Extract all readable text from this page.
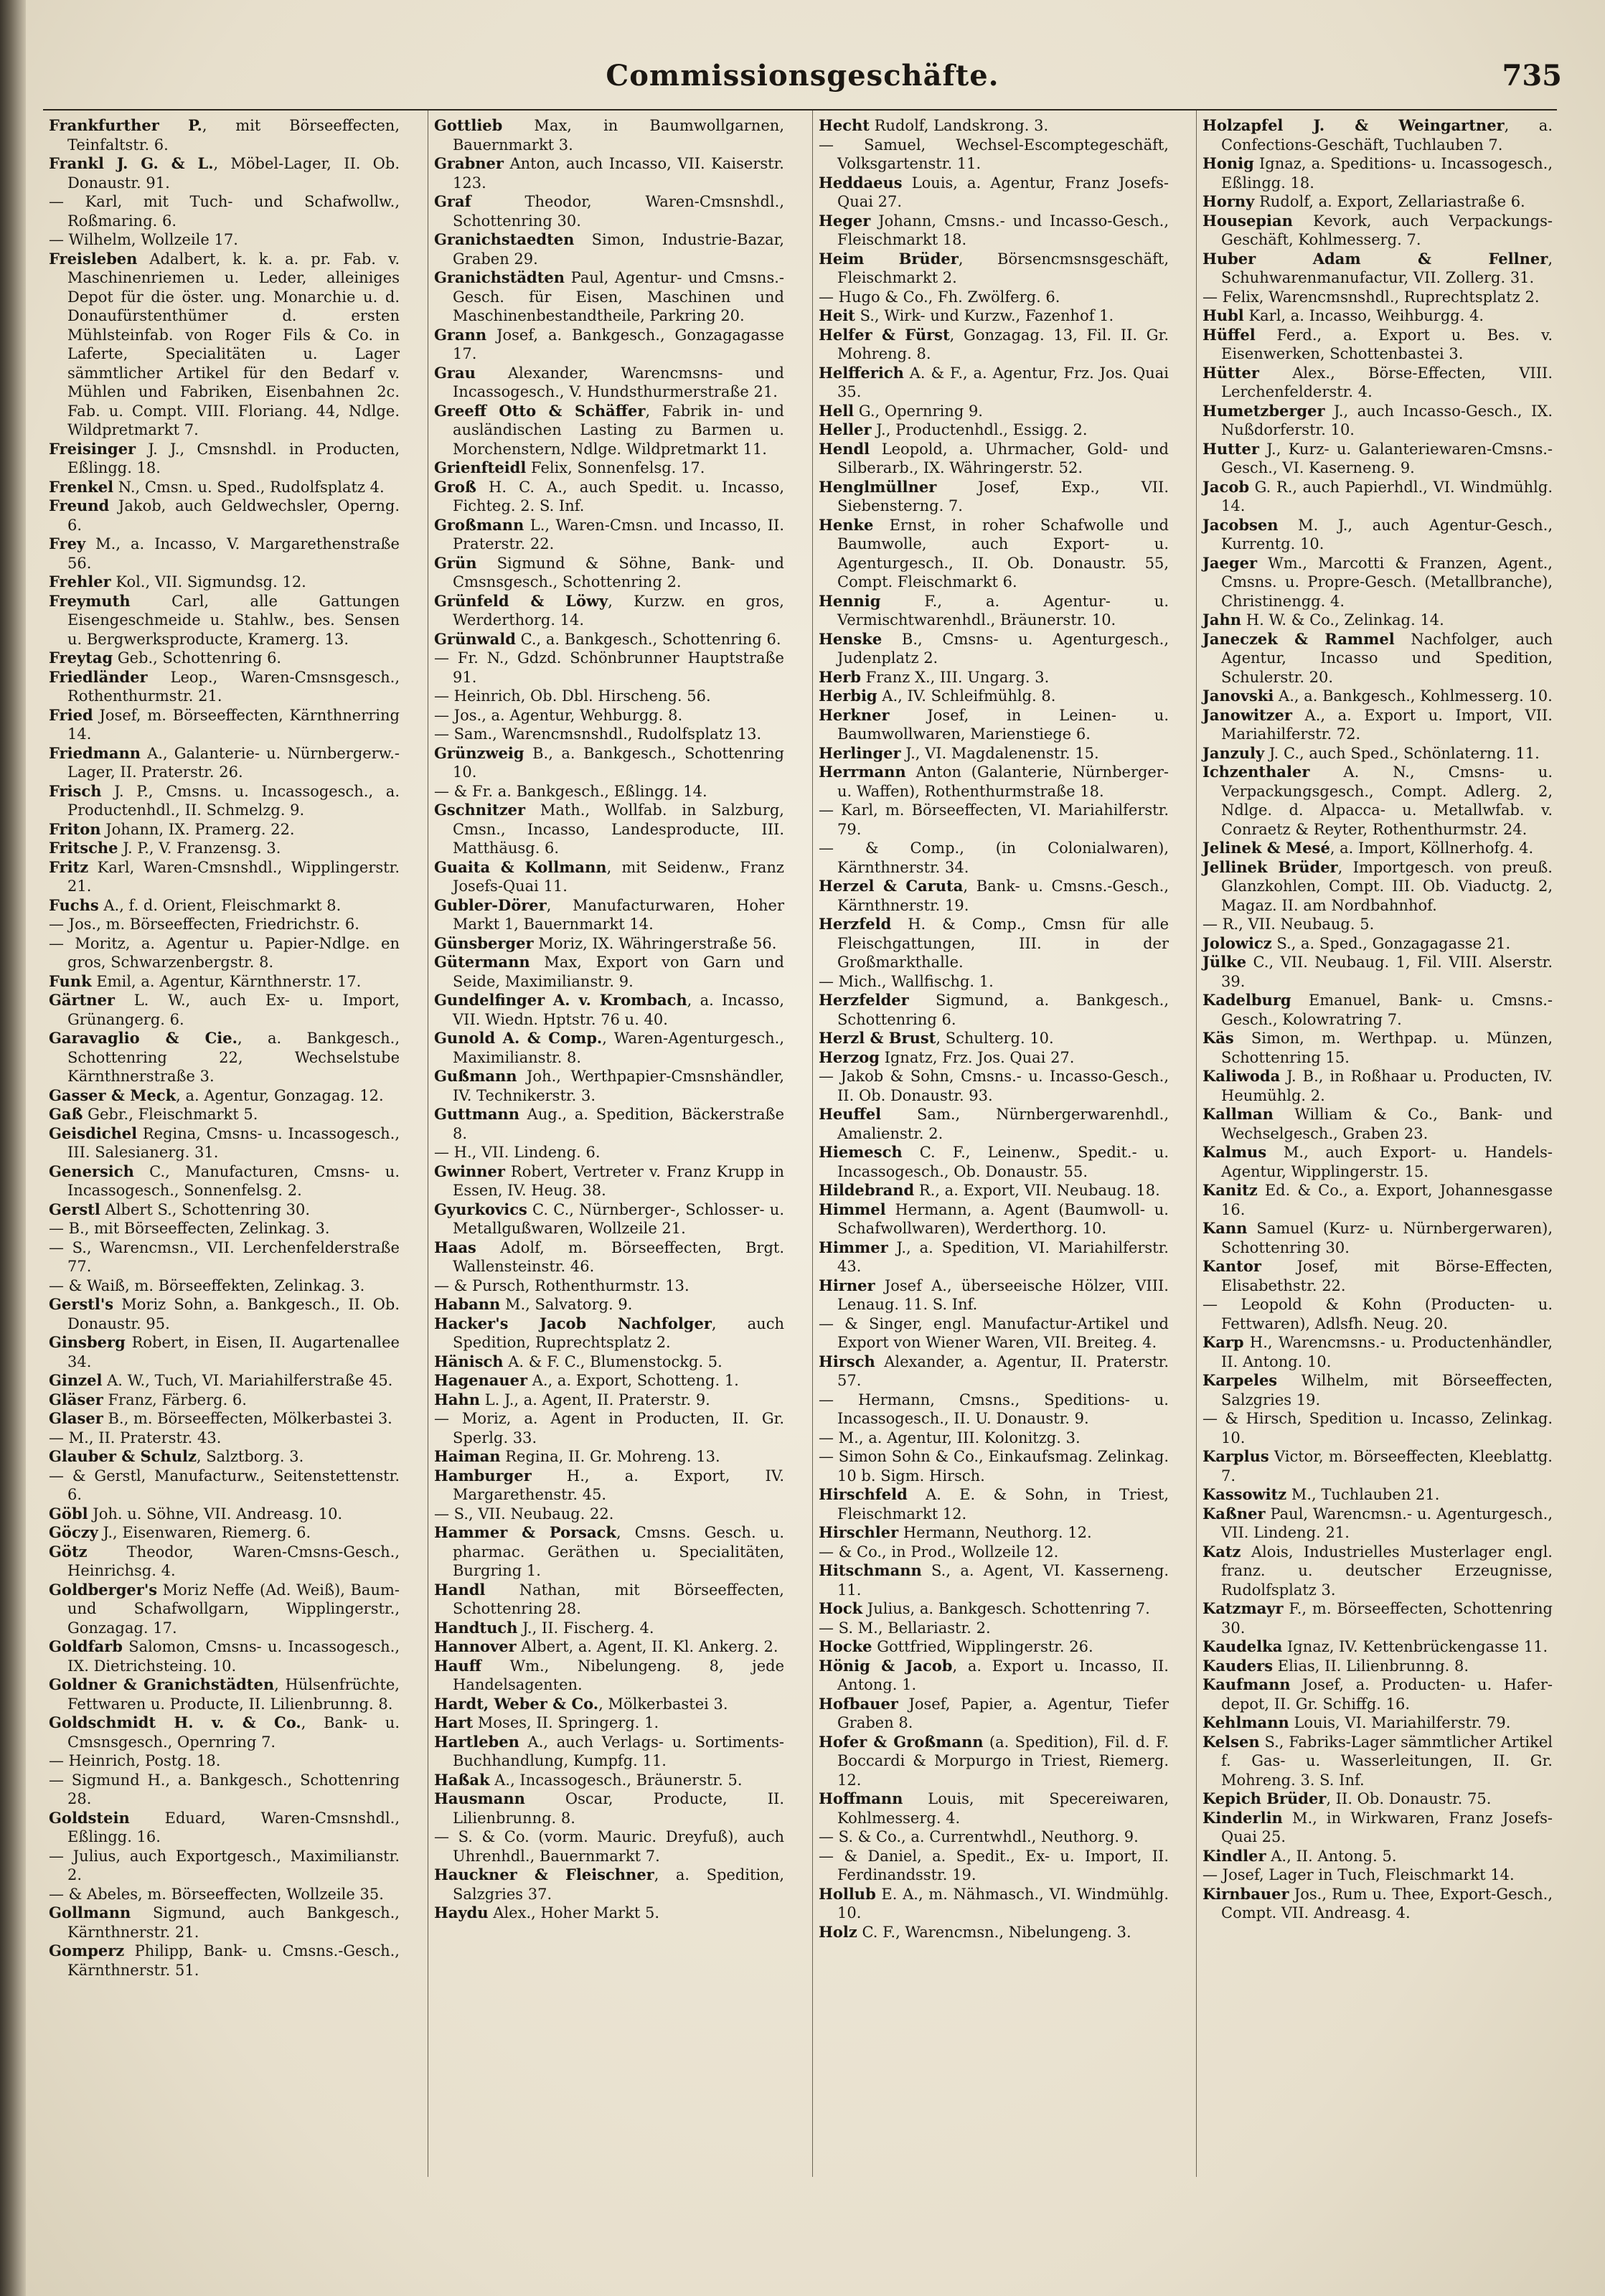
Commissionsgeschäfte.	735
Frankfurther P., mit Börseeffecten, Teinfaltstr. 6.
Frankl J. G. & L., Möbel-Lager, II. Ob. Donaustr. 91.
— Karl, mit Tuch- und Schafwollw., Roßmaring. 6.
— Wilhelm, Wollzeile 17.
Freisleben Adalbert, k. k. a. pr. Fab. v. Maschinenriemen u. Leder, alleiniges Depot für die öster. ung. Monarchie u. d. Donaufürstenthümer d. ersten Mühlsteinfab. von Roger Fils & Co. in Laferte, Specialitäten u. Lager sämmtlicher Artikel für den Bedarf v. Mühlen und Fabriken, Eisenbahnen 2c. Fab. u. Compt. VIII. Floriang. 44, Ndlge. Wildpretmarkt 7.
Freisinger J. J., Cmsnshdl. in Producten, Eßlingg. 18.
Frenkel N., Cmsn. u. Sped., Rudolfsplatz 4.
Freund Jakob, auch Geldwechsler, Operng. 6.
Frey M., a. Incasso, V. Margarethenstraße 56.
Frehler Kol., VII. Sigmundsg. 12.
Freymuth Carl, alle Gattungen Eisengeschmeide u. Stahlw., bes. Sensen u. Bergwerksproducte, Kramerg. 13.
Freytag Geb., Schottenring 6.
Friedländer Leop., Waren-Cmsnsgesch., Rothenthurmstr. 21.
Fried Josef, m. Börseeffecten, Kärnthnerring 14.
Friedmann A., Galanterie- u. Nürnbergerw.-Lager, II. Praterstr. 26.
Frisch J. P., Cmsns. u. Incassogesch., a. Productenhdl., II. Schmelzg. 9.
Friton Johann, IX. Pramerg. 22.
Fritsche J. P., V. Franzensg. 3.
Fritz Karl, Waren-Cmsnshdl., Wipplingerstr. 21.
Fuchs A., f. d. Orient, Fleischmarkt 8.
— Jos., m. Börseeffecten, Friedrichstr. 6.
— Moritz, a. Agentur u. Papier-Ndlge. en gros, Schwarzenbergstr. 8.
Funk Emil, a. Agentur, Kärnthnerstr. 17.
Gärtner L. W., auch Ex- u. Import, Grünangerg. 6.
Garavaglio & Cie., a. Bankgesch., Schottenring 22, Wechselstube Kärnthnerstraße 3.
Gasser & Meck, a. Agentur, Gonzagag. 12.
Gaß Gebr., Fleischmarkt 5.
Geisdichel Regina, Cmsns- u. Incassogesch., III. Salesianerg. 31.
Genersich C., Manufacturen, Cmsns- u. Incassogesch., Sonnenfelsg. 2.
Gerstl Albert S., Schottenring 30.
— B., mit Börseeffecten, Zelinkag. 3.
— S., Warencmsn., VII. Lerchenfelderstraße 77.
— & Waiß, m. Börseeffekten, Zelinkag. 3.
Gerstl's Moriz Sohn, a. Bankgesch., II. Ob. Donaustr. 95.
Ginsberg Robert, in Eisen, II. Augartenallee 34.
Ginzel A. W., Tuch, VI. Mariahilferstraße 45.
Gläser Franz, Färberg. 6.
Glaser B., m. Börseeffecten, Mölkerbastei 3.
— M., II. Praterstr. 43.
Glauber & Schulz, Salztborg. 3.
— & Gerstl, Manufacturw., Seitenstettenstr. 6.
Göbl Joh. u. Söhne, VII. Andreasg. 10.
Göczy J., Eisenwaren, Riemerg. 6.
Götz Theodor, Waren-Cmsns-Gesch., Heinrichsg. 4.
Goldberger's Moriz Neffe (Ad. Weiß), Baum- und Schafwollgarn, Wipplingerstr., Gonzagag. 17.
Goldfarb Salomon, Cmsns- u. Incassogesch., IX. Dietrichsteing. 10.
Goldner & Granichstädten, Hülsenfrüchte, Fettwaren u. Producte, II. Lilienbrunng. 8.
Goldschmidt H. v. & Co., Bank- u. Cmsnsgesch., Opernring 7.
— Heinrich, Postg. 18.
— Sigmund H., a. Bankgesch., Schottenring 28.
Goldstein Eduard, Waren-Cmsnshdl., Eßlingg. 16.
— Julius, auch Exportgesch., Maximilianstr. 2.
— & Abeles, m. Börseeffecten, Wollzeile 35.
Gollmann Sigmund, auch Bankgesch., Kärnthnerstr. 21.
Gomperz Philipp, Bank- u. Cmsns.-Gesch., Kärnthnerstr. 51.
Gottlieb Max, in Baumwollgarnen, Bauernmarkt 3.
Grabner Anton, auch Incasso, VII. Kaiserstr. 123.
Graf Theodor, Waren-Cmsnshdl., Schottenring 30.
Granichstaedten Simon, Industrie-Bazar, Graben 29.
Granichstädten Paul, Agentur- und Cmsns.-Gesch. für Eisen, Maschinen und Maschinenbestandtheile, Parkring 20.
Grann Josef, a. Bankgesch., Gonzagagasse 17.
Grau Alexander, Warencmsns- und Incassogesch., V. Hundsthurmerstraße 21.
Greeff Otto & Schäffer, Fabrik in- und ausländischen Lasting zu Barmen u. Morchenstern, Ndlge. Wildpretmarkt 11.
Grienfteidl Felix, Sonnenfelsg. 17.
Groß H. C. A., auch Spedit. u. Incasso, Fichteg. 2. S. Inf.
Großmann L., Waren-Cmsn. und Incasso, II. Praterstr. 22.
Grün Sigmund & Söhne, Bank- und Cmsnsgesch., Schottenring 2.
Grünfeld & Löwy, Kurzw. en gros, Werderthorg. 14.
Grünwald C., a. Bankgesch., Schottenring 6.
— Fr. N., Gdzd. Schönbrunner Hauptstraße 91.
— Heinrich, Ob. Dbl. Hirscheng. 56.
— Jos., a. Agentur, Wehburgg. 8.
— Sam., Warencmsnshdl., Rudolfsplatz 13.
Grünzweig B., a. Bankgesch., Schottenring 10.
— & Fr. a. Bankgesch., Eßlingg. 14.
Gschnitzer Math., Wollfab. in Salzburg, Cmsn., Incasso, Landesproducte, III. Matthäusg. 6.
Guaita & Kollmann, mit Seidenw., Franz Josefs-Quai 11.
Gubler-Dörer, Manufacturwaren, Hoher Markt 1, Bauernmarkt 14.
Günsberger Moriz, IX. Währingerstraße 56.
Gütermann Max, Export von Garn und Seide, Maximilianstr. 9.
Gundelfinger A. v. Krombach, a. Incasso, VII. Wiedn. Hptstr. 76 u. 40.
Gunold A. & Comp., Waren-Agenturgesch., Maximilianstr. 8.
Gußmann Joh., Werthpapier-Cmsnshändler, IV. Technikerstr. 3.
Guttmann Aug., a. Spedition, Bäckerstraße 8.
— H., VII. Lindeng. 6.
Gwinner Robert, Vertreter v. Franz Krupp in Essen, IV. Heug. 38.
Gyurkovics C. C., Nürnberger-, Schlosser- u. Metallgußwaren, Wollzeile 21.
Haas Adolf, m. Börseeffecten, Brgt. Wallensteinstr. 46.
— & Pursch, Rothenthurmstr. 13.
Habann M., Salvatorg. 9.
Hacker's Jacob Nachfolger, auch Spedition, Ruprechtsplatz 2.
Hänisch A. & F. C., Blumenstockg. 5.
Hagenauer A., a. Export, Schotteng. 1.
Hahn L. J., a. Agent, II. Praterstr. 9.
— Moriz, a. Agent in Producten, II. Gr. Sperlg. 33.
Haiman Regina, II. Gr. Mohreng. 13.
Hamburger H., a. Export, IV. Margarethenstr. 45.
— S., VII. Neubaug. 22.
Hammer & Porsack, Cmsns. Gesch. u. pharmac. Geräthen u. Specialitäten, Burgring 1.
Handl Nathan, mit Börseeffecten, Schottenring 28.
Handtuch J., II. Fischerg. 4.
Hannover Albert, a. Agent, II. Kl. Ankerg. 2.
Hauff Wm., Nibelungeng. 8, jede Handelsagenten.
Hardt, Weber & Co., Mölkerbastei 3.
Hart Moses, II. Springerg. 1.
Hartleben A., auch Verlags- u. Sortiments-Buchhandlung, Kumpfg. 11.
Haßak A., Incassogesch., Bräunerstr. 5.
Hausmann Oscar, Producte, II. Lilienbrunng. 8.
— S. & Co. (vorm. Mauric. Dreyfuß), auch Uhrenhdl., Bauernmarkt 7.
Hauckner & Fleischner, a. Spedition, Salzgries 37.
Haydu Alex., Hoher Markt 5.
Hecht Rudolf, Landskrong. 3.
— Samuel, Wechsel-Escomptegeschäft, Volksgartenstr. 11.
Heddaeus Louis, a. Agentur, Franz Josefs-Quai 27.
Heger Johann, Cmsns.- und Incasso-Gesch., Fleischmarkt 18.
Heim Brüder, Börsencmsnsgeschäft, Fleischmarkt 2.
— Hugo & Co., Fh. Zwölferg. 6.
Heit S., Wirk- und Kurzw., Fazenhof 1.
Helfer & Fürst, Gonzagag. 13, Fil. II. Gr. Mohreng. 8.
Helfferich A. & F., a. Agentur, Frz. Jos. Quai 35.
Hell G., Opernring 9.
Heller J., Productenhdl., Essigg. 2.
Hendl Leopold, a. Uhrmacher, Gold- und Silberarb., IX. Währingerstr. 52.
Henglmüllner Josef, Exp., VII. Siebensterng. 7.
Henke Ernst, in roher Schafwolle und Baumwolle, auch Export- u. Agenturgesch., II. Ob. Donaustr. 55, Compt. Fleischmarkt 6.
Hennig F., a. Agentur- u. Vermischtwarenhdl., Bräunerstr. 10.
Henske B., Cmsns- u. Agenturgesch., Judenplatz 2.
Herb Franz X., III. Ungarg. 3.
Herbig A., IV. Schleifmühlg. 8.
Herkner Josef, in Leinen- u. Baumwollwaren, Marienstiege 6.
Herlinger J., VI. Magdalenenstr. 15.
Herrmann Anton (Galanterie, Nürnberger- u. Waffen), Rothenthurmstraße 18.
— Karl, m. Börseeffecten, VI. Mariahilferstr. 79.
— & Comp., (in Colonialwaren), Kärnthnerstr. 34.
Herzel & Caruta, Bank- u. Cmsns.-Gesch., Kärnthnerstr. 19.
Herzfeld H. & Comp., Cmsn für alle Fleischgattungen, III. in der Großmarkthalle.
— Mich., Wallfischg. 1.
Herzfelder Sigmund, a. Bankgesch., Schottenring 6.
Herzl & Brust, Schulterg. 10.
Herzog Ignatz, Frz. Jos. Quai 27.
— Jakob & Sohn, Cmsns.- u. Incasso-Gesch., II. Ob. Donaustr. 93.
Heuffel Sam., Nürnbergerwarenhdl., Amalienstr. 2.
Hiemesch C. F., Leinenw., Spedit.- u. Incassogesch., Ob. Donaustr. 55.
Hildebrand R., a. Export, VII. Neubaug. 18.
Himmel Hermann, a. Agent (Baumwoll- u. Schafwollwaren), Werderthorg. 10.
Himmer J., a. Spedition, VI. Mariahilferstr. 43.
Hirner Josef A., überseeische Hölzer, VIII. Lenaug. 11. S. Inf.
— & Singer, engl. Manufactur-Artikel und Export von Wiener Waren, VII. Breiteg. 4.
Hirsch Alexander, a. Agentur, II. Praterstr. 57.
— Hermann, Cmsns., Speditions- u. Incassogesch., II. U. Donaustr. 9.
— M., a. Agentur, III. Kolonitzg. 3.
— Simon Sohn & Co., Einkaufsmag. Zelinkag. 10 b. Sigm. Hirsch.
Hirschfeld A. E. & Sohn, in Triest, Fleischmarkt 12.
Hirschler Hermann, Neuthorg. 12.
— & Co., in Prod., Wollzeile 12.
Hitschmann S., a. Agent, VI. Kasserneng. 11.
Hock Julius, a. Bankgesch. Schottenring 7.
— S. M., Bellariastr. 2.
Hocke Gottfried, Wipplingerstr. 26.
Hönig & Jacob, a. Export u. Incasso, II. Antong. 1.
Hofbauer Josef, Papier, a. Agentur, Tiefer Graben 8.
Hofer & Großmann (a. Spedition), Fil. d. F. Boccardi & Morpurgo in Triest, Riemerg. 12.
Hoffmann Louis, mit Specereiwaren, Kohlmesserg. 4.
— S. & Co., a. Currentwhdl., Neuthorg. 9.
— & Daniel, a. Spedit., Ex- u. Import, II. Ferdinandsstr. 19.
Hollub E. A., m. Nähmasch., VI. Windmühlg. 10.
Holz C. F., Warencmsn., Nibelungeng. 3.
Holzapfel J. & Weingartner, a. Confections-Geschäft, Tuchlauben 7.
Honig Ignaz, a. Speditions- u. Incassogesch., Eßlingg. 18.
Horny Rudolf, a. Export, Zellariastraße 6.
Housepian Kevork, auch Verpackungs-Geschäft, Kohlmesserg. 7.
Huber Adam & Fellner, Schuhwarenmanufactur, VII. Zollerg. 31.
— Felix, Warencmsnshdl., Ruprechtsplatz 2.
Hubl Karl, a. Incasso, Weihburgg. 4.
Hüffel Ferd., a. Export u. Bes. v. Eisenwerken, Schottenbastei 3.
Hütter Alex., Börse-Effecten, VIII. Lerchenfelderstr. 4.
Humetzberger J., auch Incasso-Gesch., IX. Nußdorferstr. 10.
Hutter J., Kurz- u. Galanteriewaren-Cmsns.-Gesch., VI. Kaserneng. 9.
Jacob G. R., auch Papierhdl., VI. Windmühlg. 14.
Jacobsen M. J., auch Agentur-Gesch., Kurrentg. 10.
Jaeger Wm., Marcotti & Franzen, Agent., Cmsns. u. Propre-Gesch. (Metallbranche), Christinengg. 4.
Jahn H. W. & Co., Zelinkag. 14.
Janeczek & Rammel Nachfolger, auch Agentur, Incasso und Spedition, Schulerstr. 20.
Janovski A., a. Bankgesch., Kohlmesserg. 10.
Janowitzer A., a. Export u. Import, VII. Mariahilferstr. 72.
Janzuly J. C., auch Sped., Schönlaterng. 11.
Ichzenthaler A. N., Cmsns- u. Verpackungsgesch., Compt. Adlerg. 2, Ndlge. d. Alpacca- u. Metallwfab. v. Conraetz & Reyter, Rothenthurmstr. 24.
Jelinek & Mesé, a. Import, Köllnerhofg. 4.
Jellinek Brüder, Importgesch. von preuß. Glanzkohlen, Compt. III. Ob. Viaductg. 2, Magaz. II. am Nordbahnhof.
— R., VII. Neubaug. 5.
Jolowicz S., a. Sped., Gonzagagasse 21.
Jülke C., VII. Neubaug. 1, Fil. VIII. Alserstr. 39.
Kadelburg Emanuel, Bank- u. Cmsns.-Gesch., Kolowratring 7.
Käs Simon, m. Werthpap. u. Münzen, Schottenring 15.
Kaliwoda J. B., in Roßhaar u. Producten, IV. Heumühlg. 2.
Kallman William & Co., Bank- und Wechselgesch., Graben 23.
Kalmus M., auch Export- u. Handels-Agentur, Wipplingerstr. 15.
Kanitz Ed. & Co., a. Export, Johannesgasse 16.
Kann Samuel (Kurz- u. Nürnbergerwaren), Schottenring 30.
Kantor Josef, mit Börse-Effecten, Elisabethstr. 22.
— Leopold & Kohn (Producten- u. Fettwaren), Adlsfh. Neug. 20.
Karp H., Warencmsns.- u. Productenhändler, II. Antong. 10.
Karpeles Wilhelm, mit Börseeffecten, Salzgries 19.
— & Hirsch, Spedition u. Incasso, Zelinkag. 10.
Karplus Victor, m. Börseeffecten, Kleeblattg. 7.
Kassowitz M., Tuchlauben 21.
Kaßner Paul, Warencmsn.- u. Agenturgesch., VII. Lindeng. 21.
Katz Alois, Industrielles Musterlager engl. franz. u. deutscher Erzeugnisse, Rudolfsplatz 3.
Katzmayr F., m. Börseeffecten, Schottenring 30.
Kaudelka Ignaz, IV. Kettenbrückengasse 11.
Kauders Elias, II. Lilienbrunng. 8.
Kaufmann Josef, a. Producten- u. Hafer-depot, II. Gr. Schiffg. 16.
Kehlmann Louis, VI. Mariahilferstr. 79.
Kelsen S., Fabriks-Lager sämmtlicher Artikel f. Gas- u. Wasserleitungen, II. Gr. Mohreng. 3. S. Inf.
Kepich Brüder, II. Ob. Donaustr. 75.
Kinderlin M., in Wirkwaren, Franz Josefs-Quai 25.
Kindler A., II. Antong. 5.
— Josef, Lager in Tuch, Fleischmarkt 14.
Kirnbauer Jos., Rum u. Thee, Export-Gesch., Compt. VII. Andreasg. 4.
